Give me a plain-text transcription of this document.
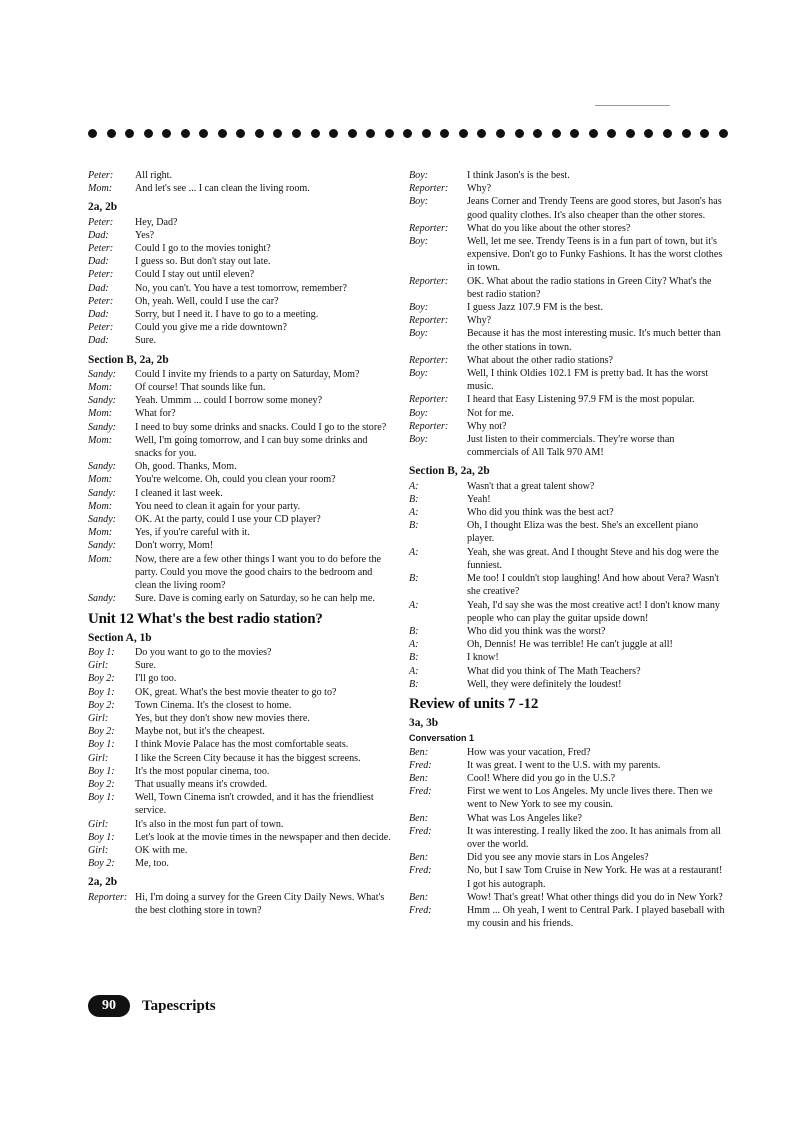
Peter:	All right.
Mom:	And let's see ... I can clean the living room.
2a, 2b
Peter:	Hey, Dad?
Dad:	Yes?
Peter:	Could I go to the movies tonight?
Dad:	I guess so. But don't stay out late.
Peter:	Could I stay out until eleven?
Dad:	No, you can't. You have a test tomorrow, remember?
Peter:	Oh, yeah. Well, could I use the car?
Dad:	Sorry, but I need it. I have to go to a meeting.
Peter:	Could you give me a ride downtown?
Dad:	Sure.
Section B, 2a, 2b
Sandy:	Could I invite my friends to a party on Saturday, Mom?
Mom:	Of course! That sounds like fun.
Sandy:	Yeah. Ummm ... could I borrow some money?
Mom:	What for?
Sandy:	I need to buy some drinks and snacks. Could I go to the store?
Mom:	Well, I'm going tomorrow, and I can buy some drinks and snacks for you.
Sandy:	Oh, good. Thanks, Mom.
Mom:	You're welcome. Oh, could you clean your room?
Sandy:	I cleaned it last week.
Mom:	You need to clean it again for your party.
Sandy:	OK. At the party, could I use your CD player?
Mom:	Yes, if you're careful with it.
Sandy:	Don't worry, Mom!
Mom:	Now, there are a few other things I want you to do before the party. Could you move the good chairs to the bedroom and clean the living room?
Sandy:	Sure. Dave is coming early on Saturday, so he can help me.
Unit 12 What's the best radio station?
Section A, 1b
Boy 1:	Do you want to go to the movies?
Girl:	Sure.
Boy 2:	I'll go too.
Boy 1:	OK, great. What's the best movie theater to go to?
Boy 2:	Town Cinema. It's the closest to home.
Girl:	Yes, but they don't show new movies there.
Boy 2:	Maybe not, but it's the cheapest.
Boy 1:	I think Movie Palace has the most comfortable seats.
Girl:	I like the Screen City because it has the biggest screens.
Boy 1:	It's the most popular cinema, too.
Boy 2:	That usually means it's crowded.
Boy 1:	Well, Town Cinema isn't crowded, and it has the friendliest service.
Girl:	It's also in the most fun part of town.
Boy 1:	Let's look at the movie times in the newspaper and then decide.
Girl:	OK with me.
Boy 2:	Me, too.
2a, 2b
Reporter: Hi, I'm doing a survey for the Green City Daily News. What's the best clothing store in town?
Boy:	I think Jason's is the best.
Reporter:	Why?
Boy:	Jeans Corner and Trendy Teens are good stores, but Jason's has good quality clothes. It's also cheaper than the other stores.
Reporter:	What do you like about the other stores?
Boy:	Well, let me see. Trendy Teens is in a fun part of town, but it's expensive. Don't go to Funky Fashions. It has the worst clothes in town.
Reporter:	OK. What about the radio stations in Green City? What's the best radio station?
Boy:	I guess Jazz 107.9 FM is the best.
Reporter:	Why?
Boy:	Because it has the most interesting music. It's much better than the other stations in town.
Reporter:	What about the other radio stations?
Boy:	Well, I think Oldies 102.1 FM is pretty bad. It has the worst music.
Reporter:	I heard that Easy Listening 97.9 FM is the most popular.
Boy:	Not for me.
Reporter:	Why not?
Boy:	Just listen to their commercials. They're worse than commercials of All Talk 970 AM!
Section B, 2a, 2b
A:	Wasn't that a great talent show?
B:	Yeah!
A:	Who did you think was the best act?
B:	Oh, I thought Eliza was the best. She's an excellent piano player.
A:	Yeah, she was great. And I thought Steve and his dog were the funniest.
B:	Me too! I couldn't stop laughing! And how about Vera? Wasn't she creative?
A:	Yeah, I'd say she was the most creative act! I don't know many people who can play the guitar upside down!
B:	Who did you think was the worst?
A:	Oh, Dennis! He was terrible! He can't juggle at all!
B:	I know!
A:	What did you think of The Math Teachers?
B:	Well, they were definitely the loudest!
Review of units 7 -12
3a, 3b
Conversation 1
Ben:	How was your vacation, Fred?
Fred:	It was great. I went to the U.S. with my parents.
Ben:	Cool! Where did you go in the U.S.?
Fred:	First we went to Los Angeles. My uncle lives there. Then we went to New York to see my cousin.
Ben:	What was Los Angeles like?
Fred:	It was interesting. I really liked the zoo. It has animals from all over the world.
Ben:	Did you see any movie stars in Los Angeles?
Fred:	No, but I saw Tom Cruise in New York. He was at a restaurant! I got his autograph.
Ben:	Wow! That's great! What other things did you do in New York?
Fred:	Hmm ... Oh yeah, I went to Central Park. I played baseball with my cousin and his friends.
90	Tapescripts
